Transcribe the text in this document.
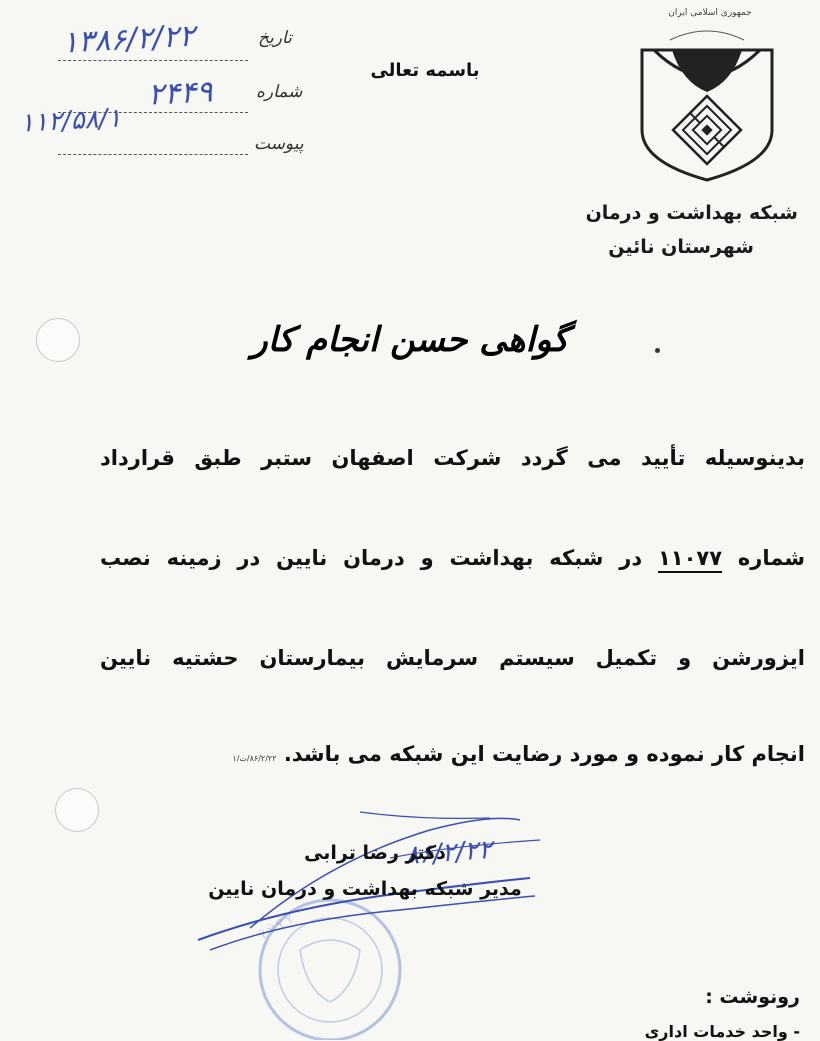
جمهوری اسلامی ایران
باسمه تعالی
شبکه بهداشت و درمان
شهرستان نائین
تاریخ
شماره
پیوست
۱۳۸۶/۲/۲۲
۲۴۴۹
۱۱۲/۵۸/۱
گواهی حسن انجام کار
بدینوسیله تأیید می گردد شرکت اصفهان ستبر طبق قرارداد
شماره ۱۱۰۷۷ در شبکه بهداشت و درمان نایین در زمینه نصب
ایزورشن و تکمیل سیستم سرمایش بیمارستان حشتیه نایین
انجام کار نموده و مورد رضایت این شبکه می باشد. ۸۶/۲/۲۲/ت/۱
Ÿ Ÿ Ÿ Ÿ
۸۶/۲/۲۲
دکتر رضا ترابی
مدیر شبکه بهداشت و درمان نایین
رونوشت :
- واحد خدمات اداری
